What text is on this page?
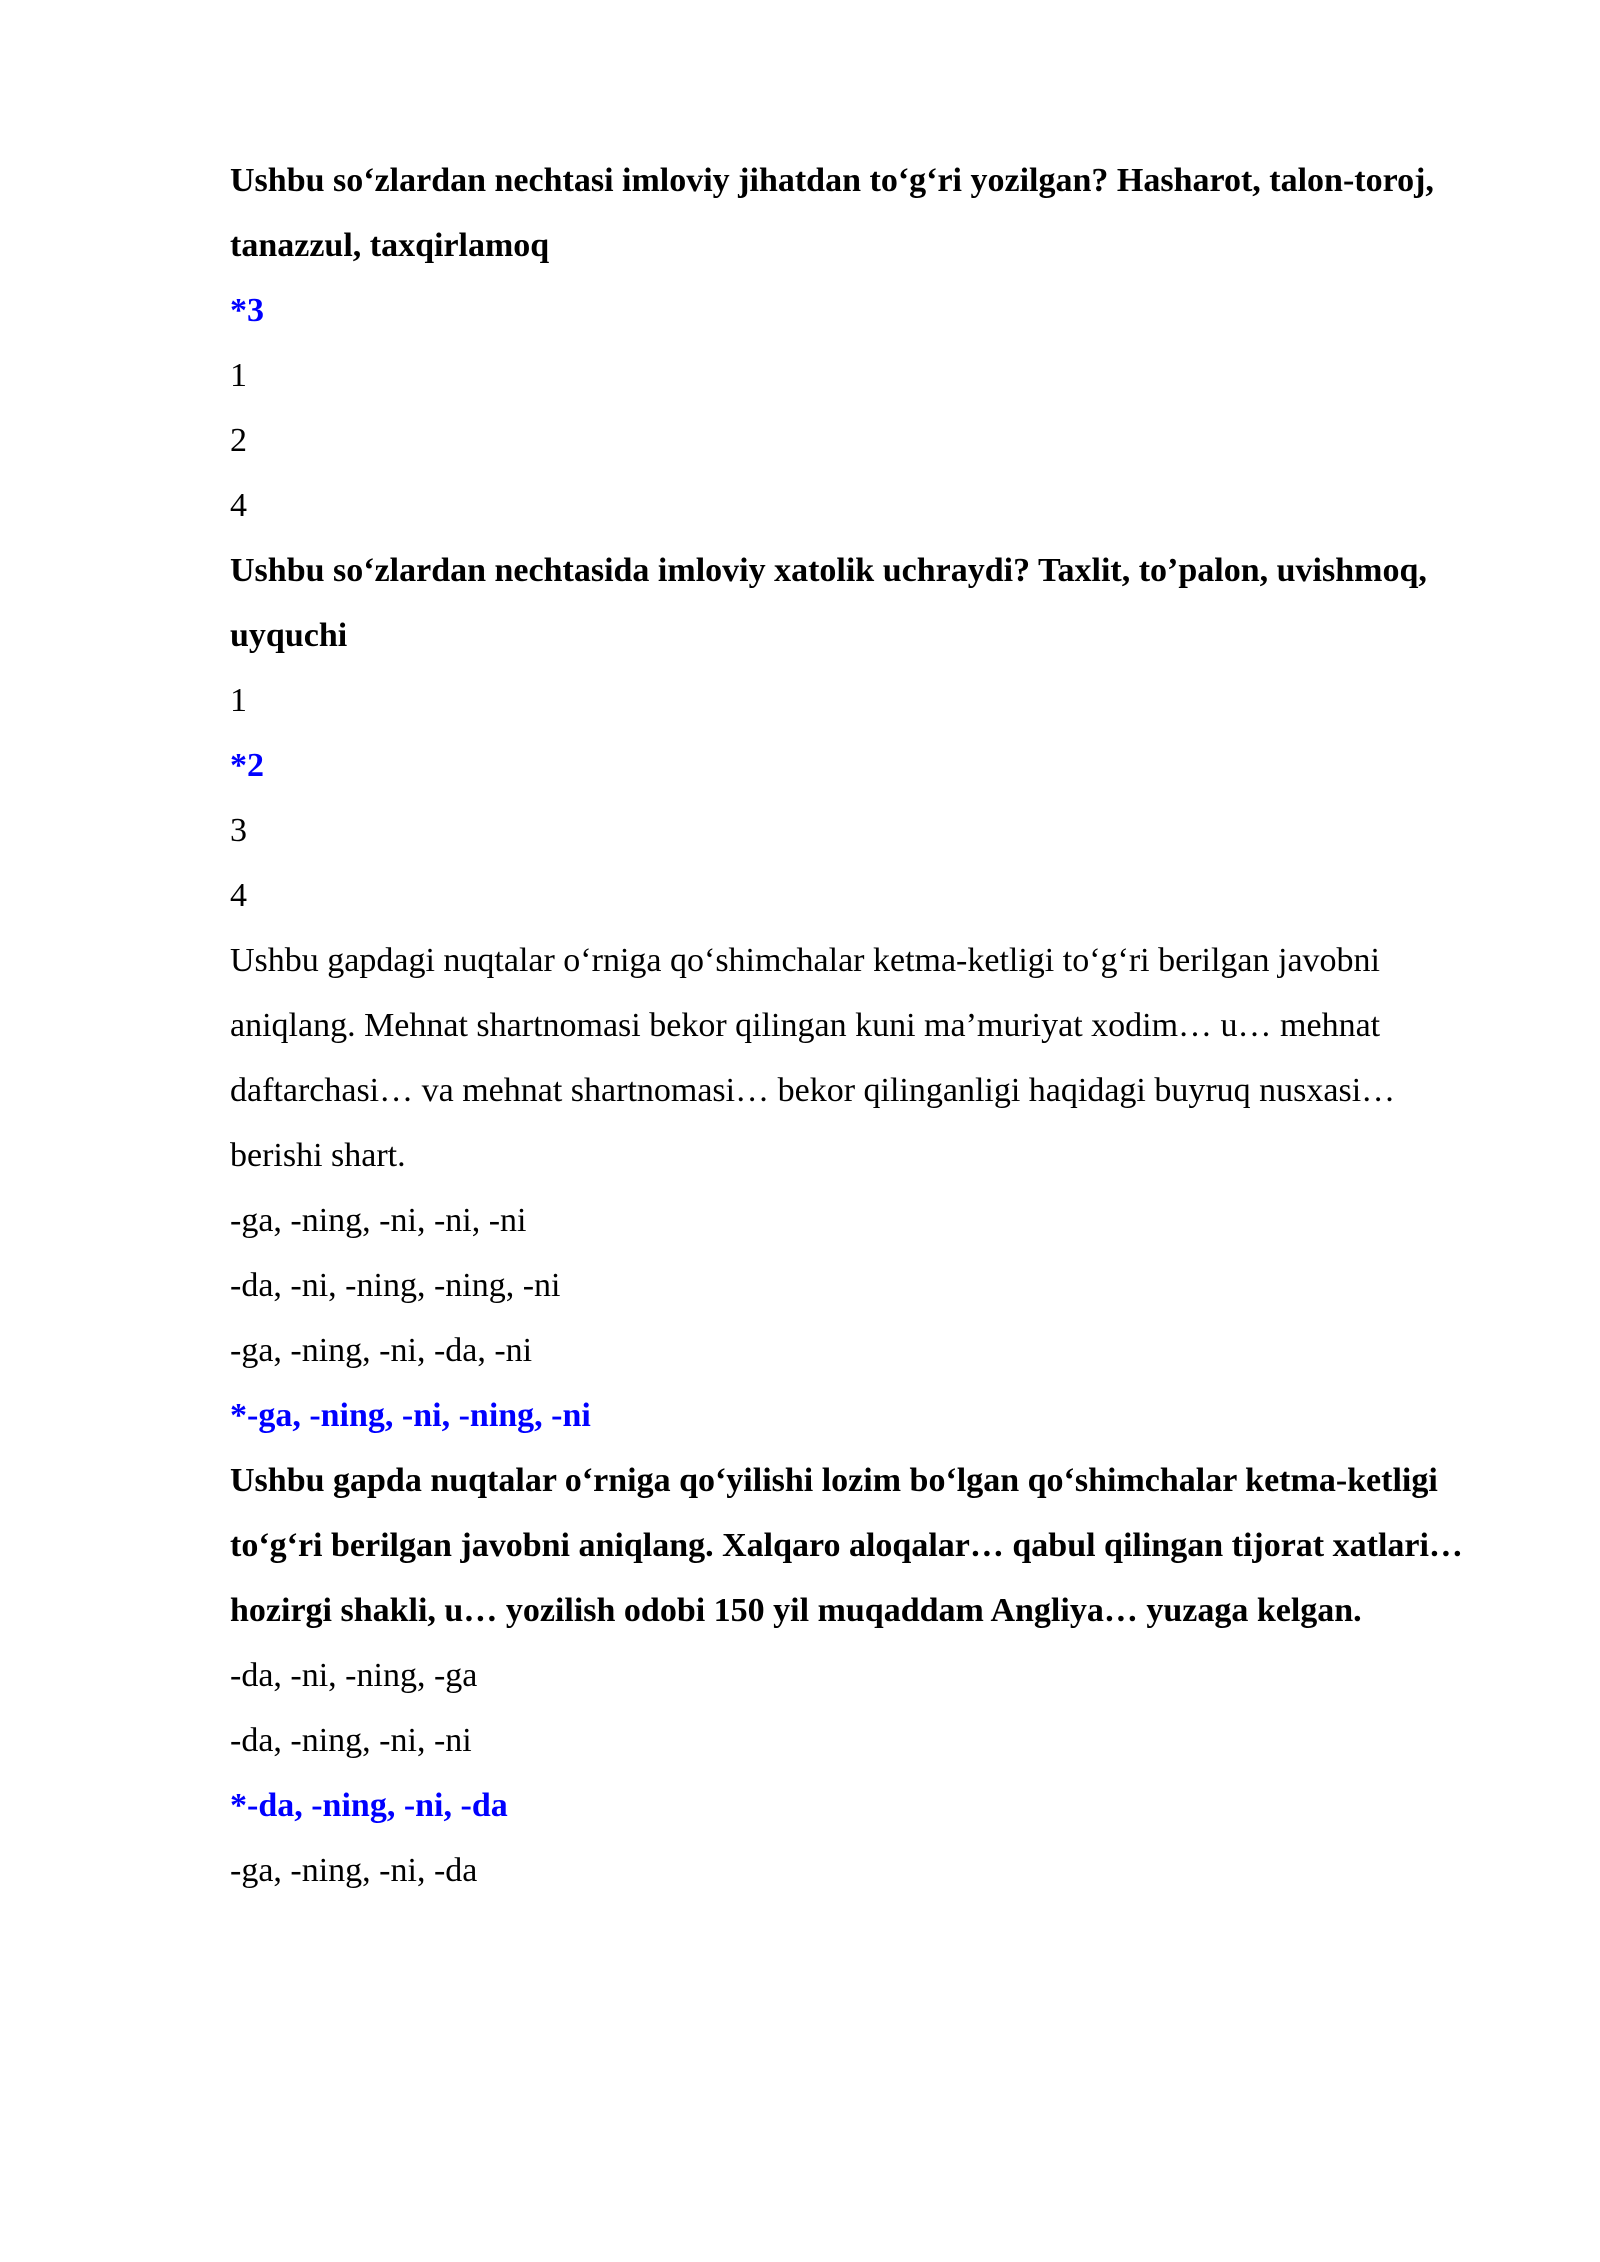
Ushbu so‘zlardan nechtasi imloviy jihatdan to‘g‘ri yozilgan? Hasharot, talon-toroj, tanazzul, taxqirlamoq

*3

1

2

4

Ushbu so‘zlardan nechtasida imloviy xatolik uchraydi? Taxlit, to’palon, uvishmoq, uyquchi

1

*2

3

4

Ushbu gapdagi nuqtalar o‘rniga qo‘shimchalar ketma-ketligi to‘g‘ri berilgan javobni aniqlang. Mehnat shartnomasi bekor qilingan kuni ma’muriyat xodim… u… mehnat daftarchasi… va mehnat shartnomasi… bekor qilinganligi haqidagi buyruq nusxasi… berishi shart.

-ga, -ning, -ni, -ni, -ni

-da, -ni, -ning, -ning, -ni

-ga, -ning, -ni, -da, -ni

*-ga, -ning, -ni, -ning, -ni

Ushbu gapda nuqtalar o‘rniga qo‘yilishi lozim bo‘lgan qo‘shimchalar ketma-ketligi to‘g‘ri berilgan javobni aniqlang. Xalqaro aloqalar… qabul qilingan tijorat xatlari… hozirgi shakli, u… yozilish odobi 150 yil muqaddam Angliya… yuzaga kelgan.

-da, -ni, -ning, -ga

-da, -ning, -ni, -ni

*-da, -ning, -ni, -da

-ga, -ning, -ni, -da
